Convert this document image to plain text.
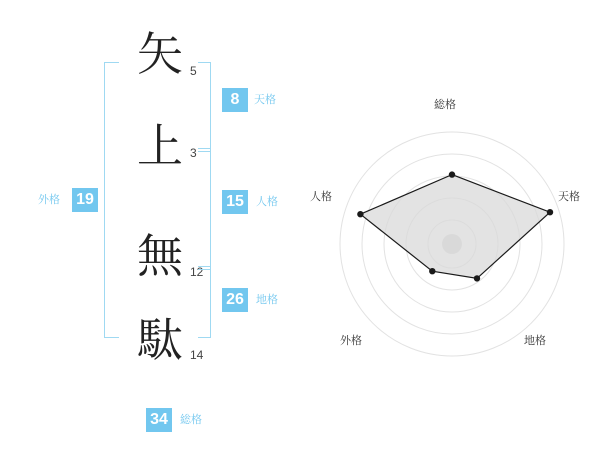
矢 5
上 3
無 12
駄 14
8	天格
15	人格
26	地格
外格 19
34	総格
総格
天格
地格
外格
人格
